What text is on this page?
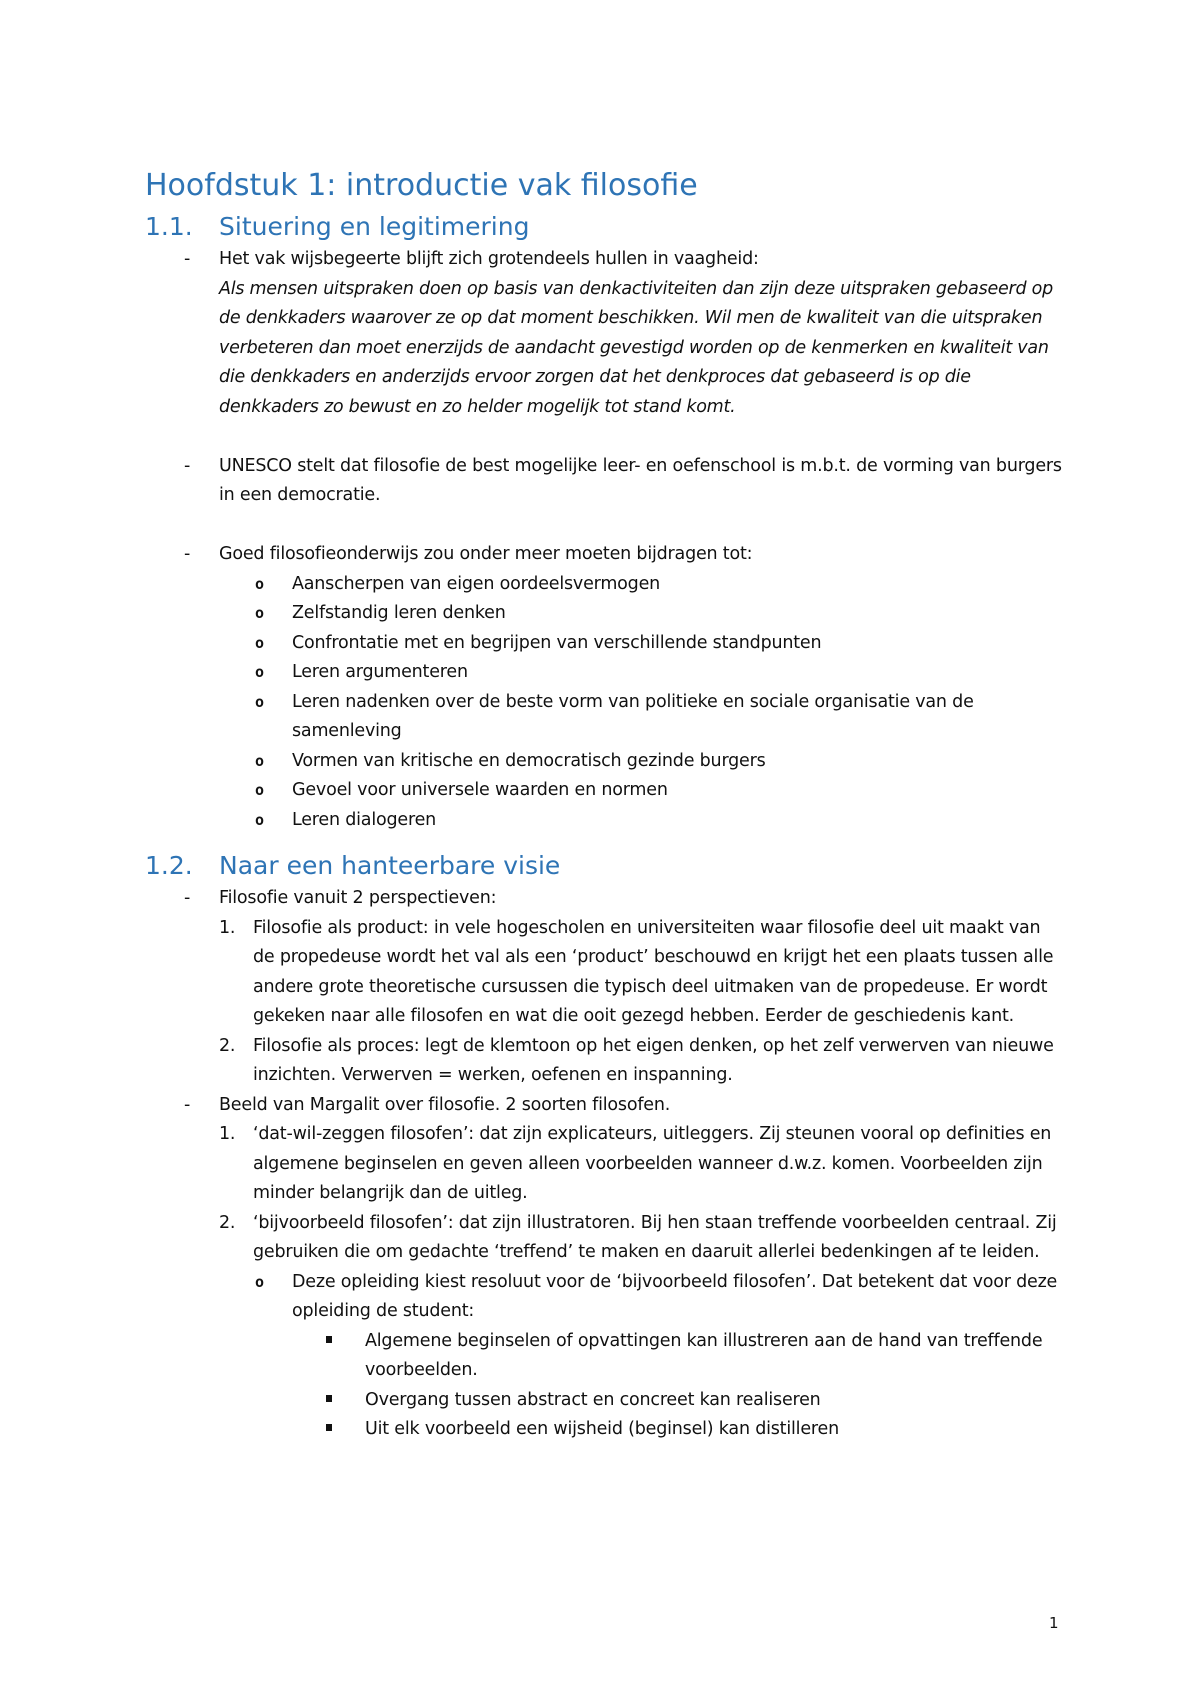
Hoofdstuk 1: introductie vak filosofie
1.1. Situering en legitimering
- Het vak wijsbegeerte blijft zich grotendeels hullen in vaagheid:
Als mensen uitspraken doen op basis van denkactiviteiten dan zijn deze uitspraken gebaseerd op de denkkaders waarover ze op dat moment beschikken. Wil men de kwaliteit van die uitspraken verbeteren dan moet enerzijds de aandacht gevestigd worden op de kenmerken en kwaliteit van die denkkaders en anderzijds ervoor zorgen dat het denkproces dat gebaseerd is op die denkkaders zo bewust en zo helder mogelijk tot stand komt.
- UNESCO stelt dat filosofie de best mogelijke leer- en oefenschool is m.b.t. de vorming van burgers in een democratie.
- Goed filosofieonderwijs zou onder meer moeten bijdragen tot:
o Aanscherpen van eigen oordeelsvermogen
o Zelfstandig leren denken
o Confrontatie met en begrijpen van verschillende standpunten
o Leren argumenteren
o Leren nadenken over de beste vorm van politieke en sociale organisatie van de samenleving
o Vormen van kritische en democratisch gezinde burgers
o Gevoel voor universele waarden en normen
o Leren dialogeren
1.2. Naar een hanteerbare visie
- Filosofie vanuit 2 perspectieven:
1. Filosofie als product: in vele hogescholen en universiteiten waar filosofie deel uit maakt van de propedeuse wordt het val als een ‘product’ beschouwd en krijgt het een plaats tussen alle andere grote theoretische cursussen die typisch deel uitmaken van de propedeuse. Er wordt gekeken naar alle filosofen en wat die ooit gezegd hebben. Eerder de geschiedenis kant.
2. Filosofie als proces: legt de klemtoon op het eigen denken, op het zelf verwerven van nieuwe inzichten. Verwerven = werken, oefenen en inspanning.
- Beeld van Margalit over filosofie. 2 soorten filosofen.
1. ‘dat-wil-zeggen filosofen’: dat zijn explicateurs, uitleggers. Zij steunen vooral op definities en algemene beginselen en geven alleen voorbeelden wanneer d.w.z. komen. Voorbeelden zijn minder belangrijk dan de uitleg.
2. ‘bijvoorbeeld filosofen’: dat zijn illustratoren. Bij hen staan treffende voorbeelden centraal. Zij gebruiken die om gedachte ‘treffend’ te maken en daaruit allerlei bedenkingen af te leiden.
o Deze opleiding kiest resoluut voor de ‘bijvoorbeeld filosofen’. Dat betekent dat voor deze opleiding de student:
Algemene beginselen of opvattingen kan illustreren aan de hand van treffende voorbeelden.
Overgang tussen abstract en concreet kan realiseren
Uit elk voorbeeld een wijsheid (beginsel) kan distilleren
1
